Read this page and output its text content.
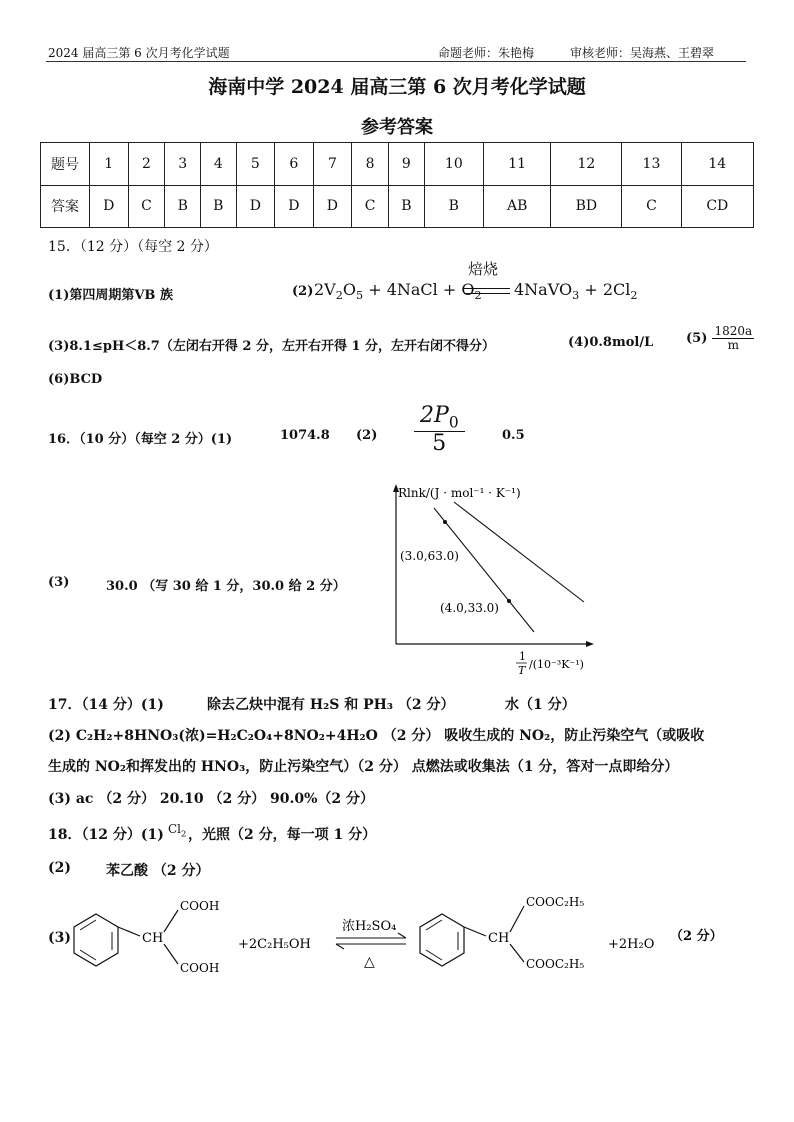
2024 届高三第 6 次月考化学试题	命题老师：朱艳梅	审核老师：吴海燕、王碧翠
海南中学 2024 届高三第 6 次月考化学试题
参考答案
题号	1	2	3	4	5	6	7	8	9	10	11	12	13	14
答案	D	C	B	B	D	D	D	C	B	B	AB	BD	C	CD
15．（12 分）（每空 2 分）
(1)第四周期第VB 族	(2) $2V_2O_5$ + 4NaCl + $O_2$
焙烧
4NaVO$_3$ + $2Cl_2$
(3)8.1≤pH＜8.7（左闭右开得 2 分，左开右开得 1 分，左开右闭不得分）	(4)0.8mol/L	$(5) \frac{1820a}{m}$
(6)BCD
16．（10 分）（每空 2 分）(1)	1074.8 $(2) \frac{2P_0}{5}$	0.5
(3)	30.0 （写 30 给 1 分，30.0 给 2 分）
Rlnk/(J · mol⁻¹ · K⁻¹)
(3.0,63.0)
(4.0,33.0)
1
T /(10⁻³K⁻¹)
17．（14 分）(1)	除去乙炔中混有 H₂S 和 PH₃ （2 分）	水（1 分）
(2) C₂H₂+8HNO₃(浓)=H₂C₂O₄+8NO₂+4H₂O （2 分） 吸收生成的 NO₂，防止污染空气（或吸收
生成的 NO₂和挥发出的 HNO₃，防止污染空气）（2 分） 点燃法或收集法（1 分，答对一点即给分）
(3) ac （2 分） 20.10 （2 分） 90.0%（2 分）
18．（12 分）(1) $Cl_2$ ，光照（2 分，每一项 1 分）
(2)	苯乙酸 （2 分）
(3)	CH
COOH
COOH
+2C₂H₅OH
浓H₂SO₄
△
CH
COOC₂H₅
COOC₂H₅
+2H₂O
（2 分）
